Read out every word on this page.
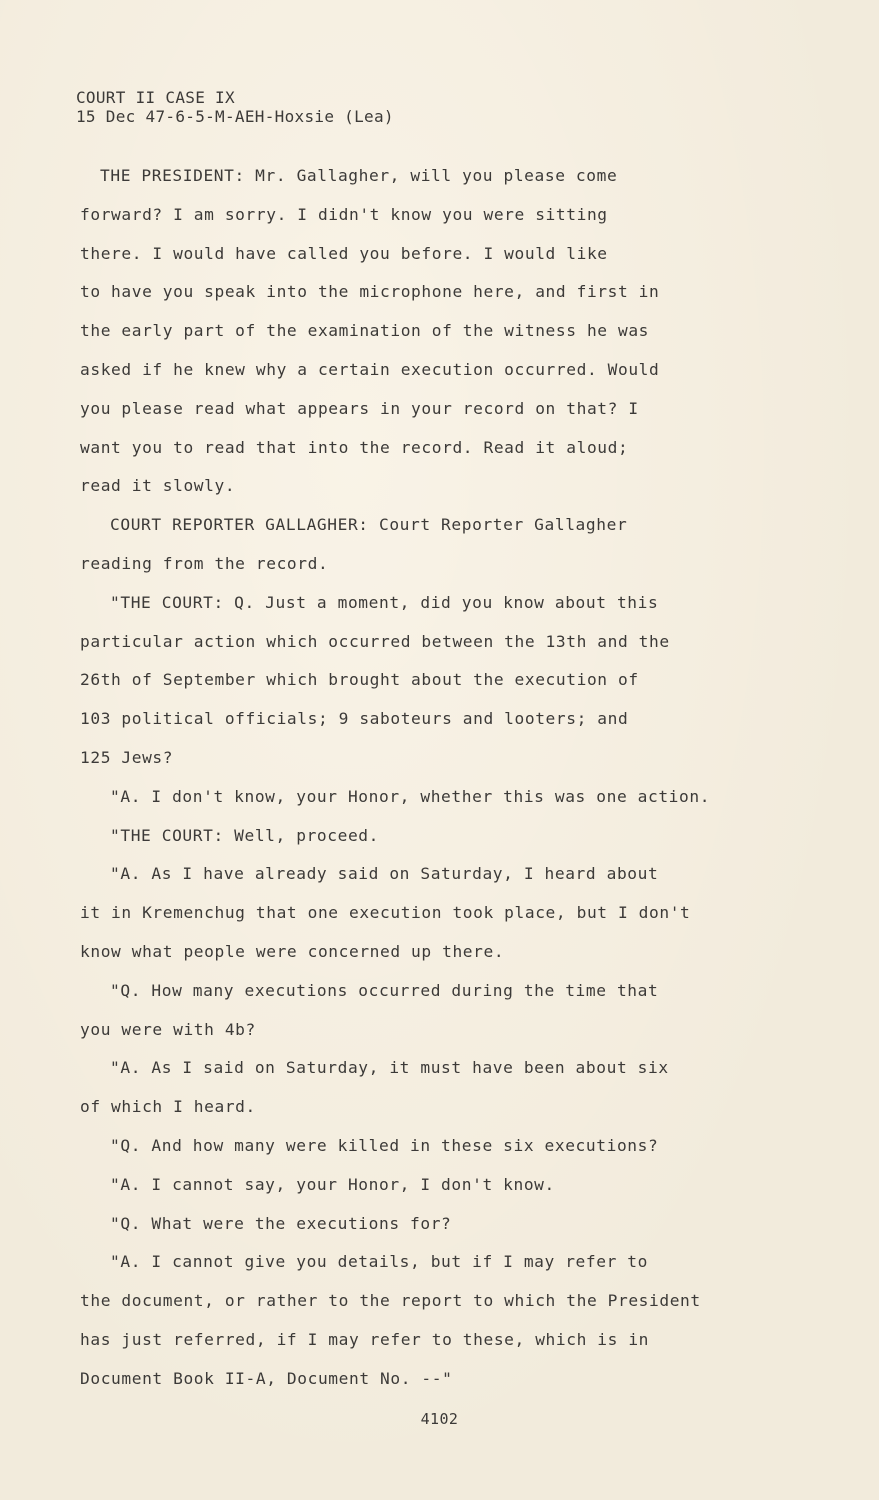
COURT II CASE IX
15 Dec 47-6-5-M-AEH-Hoxsie (Lea)
THE PRESIDENT: Mr. Gallagher, will you please come
forward? I am sorry. I didn't know you were sitting
there. I would have called you before. I would like
to have you speak into the microphone here, and first in
the early part of the examination of the witness he was
asked if he knew why a certain execution occurred. Would
you please read what appears in your record on that? I
want you to read that into the record. Read it aloud;
read it slowly.
COURT REPORTER GALLAGHER: Court Reporter Gallagher
reading from the record.
"THE COURT: Q. Just a moment, did you know about this
particular action which occurred between the 13th and the
26th of September which brought about the execution of
103 political officials; 9 saboteurs and looters; and
125 Jews?
"A. I don't know, your Honor, whether this was one action.
"THE COURT: Well, proceed.
"A. As I have already said on Saturday, I heard about
it in Kremenchug that one execution took place, but I don't
know what people were concerned up there.
"Q. How many executions occurred during the time that
you were with 4b?
"A. As I said on Saturday, it must have been about six
of which I heard.
"Q. And how many were killed in these six executions?
"A. I cannot say, your Honor, I don't know.
"Q. What were the executions for?
"A. I cannot give you details, but if I may refer to
the document, or rather to the report to which the President
has just referred, if I may refer to these, which is in
Document Book II-A, Document No. --"
4102
